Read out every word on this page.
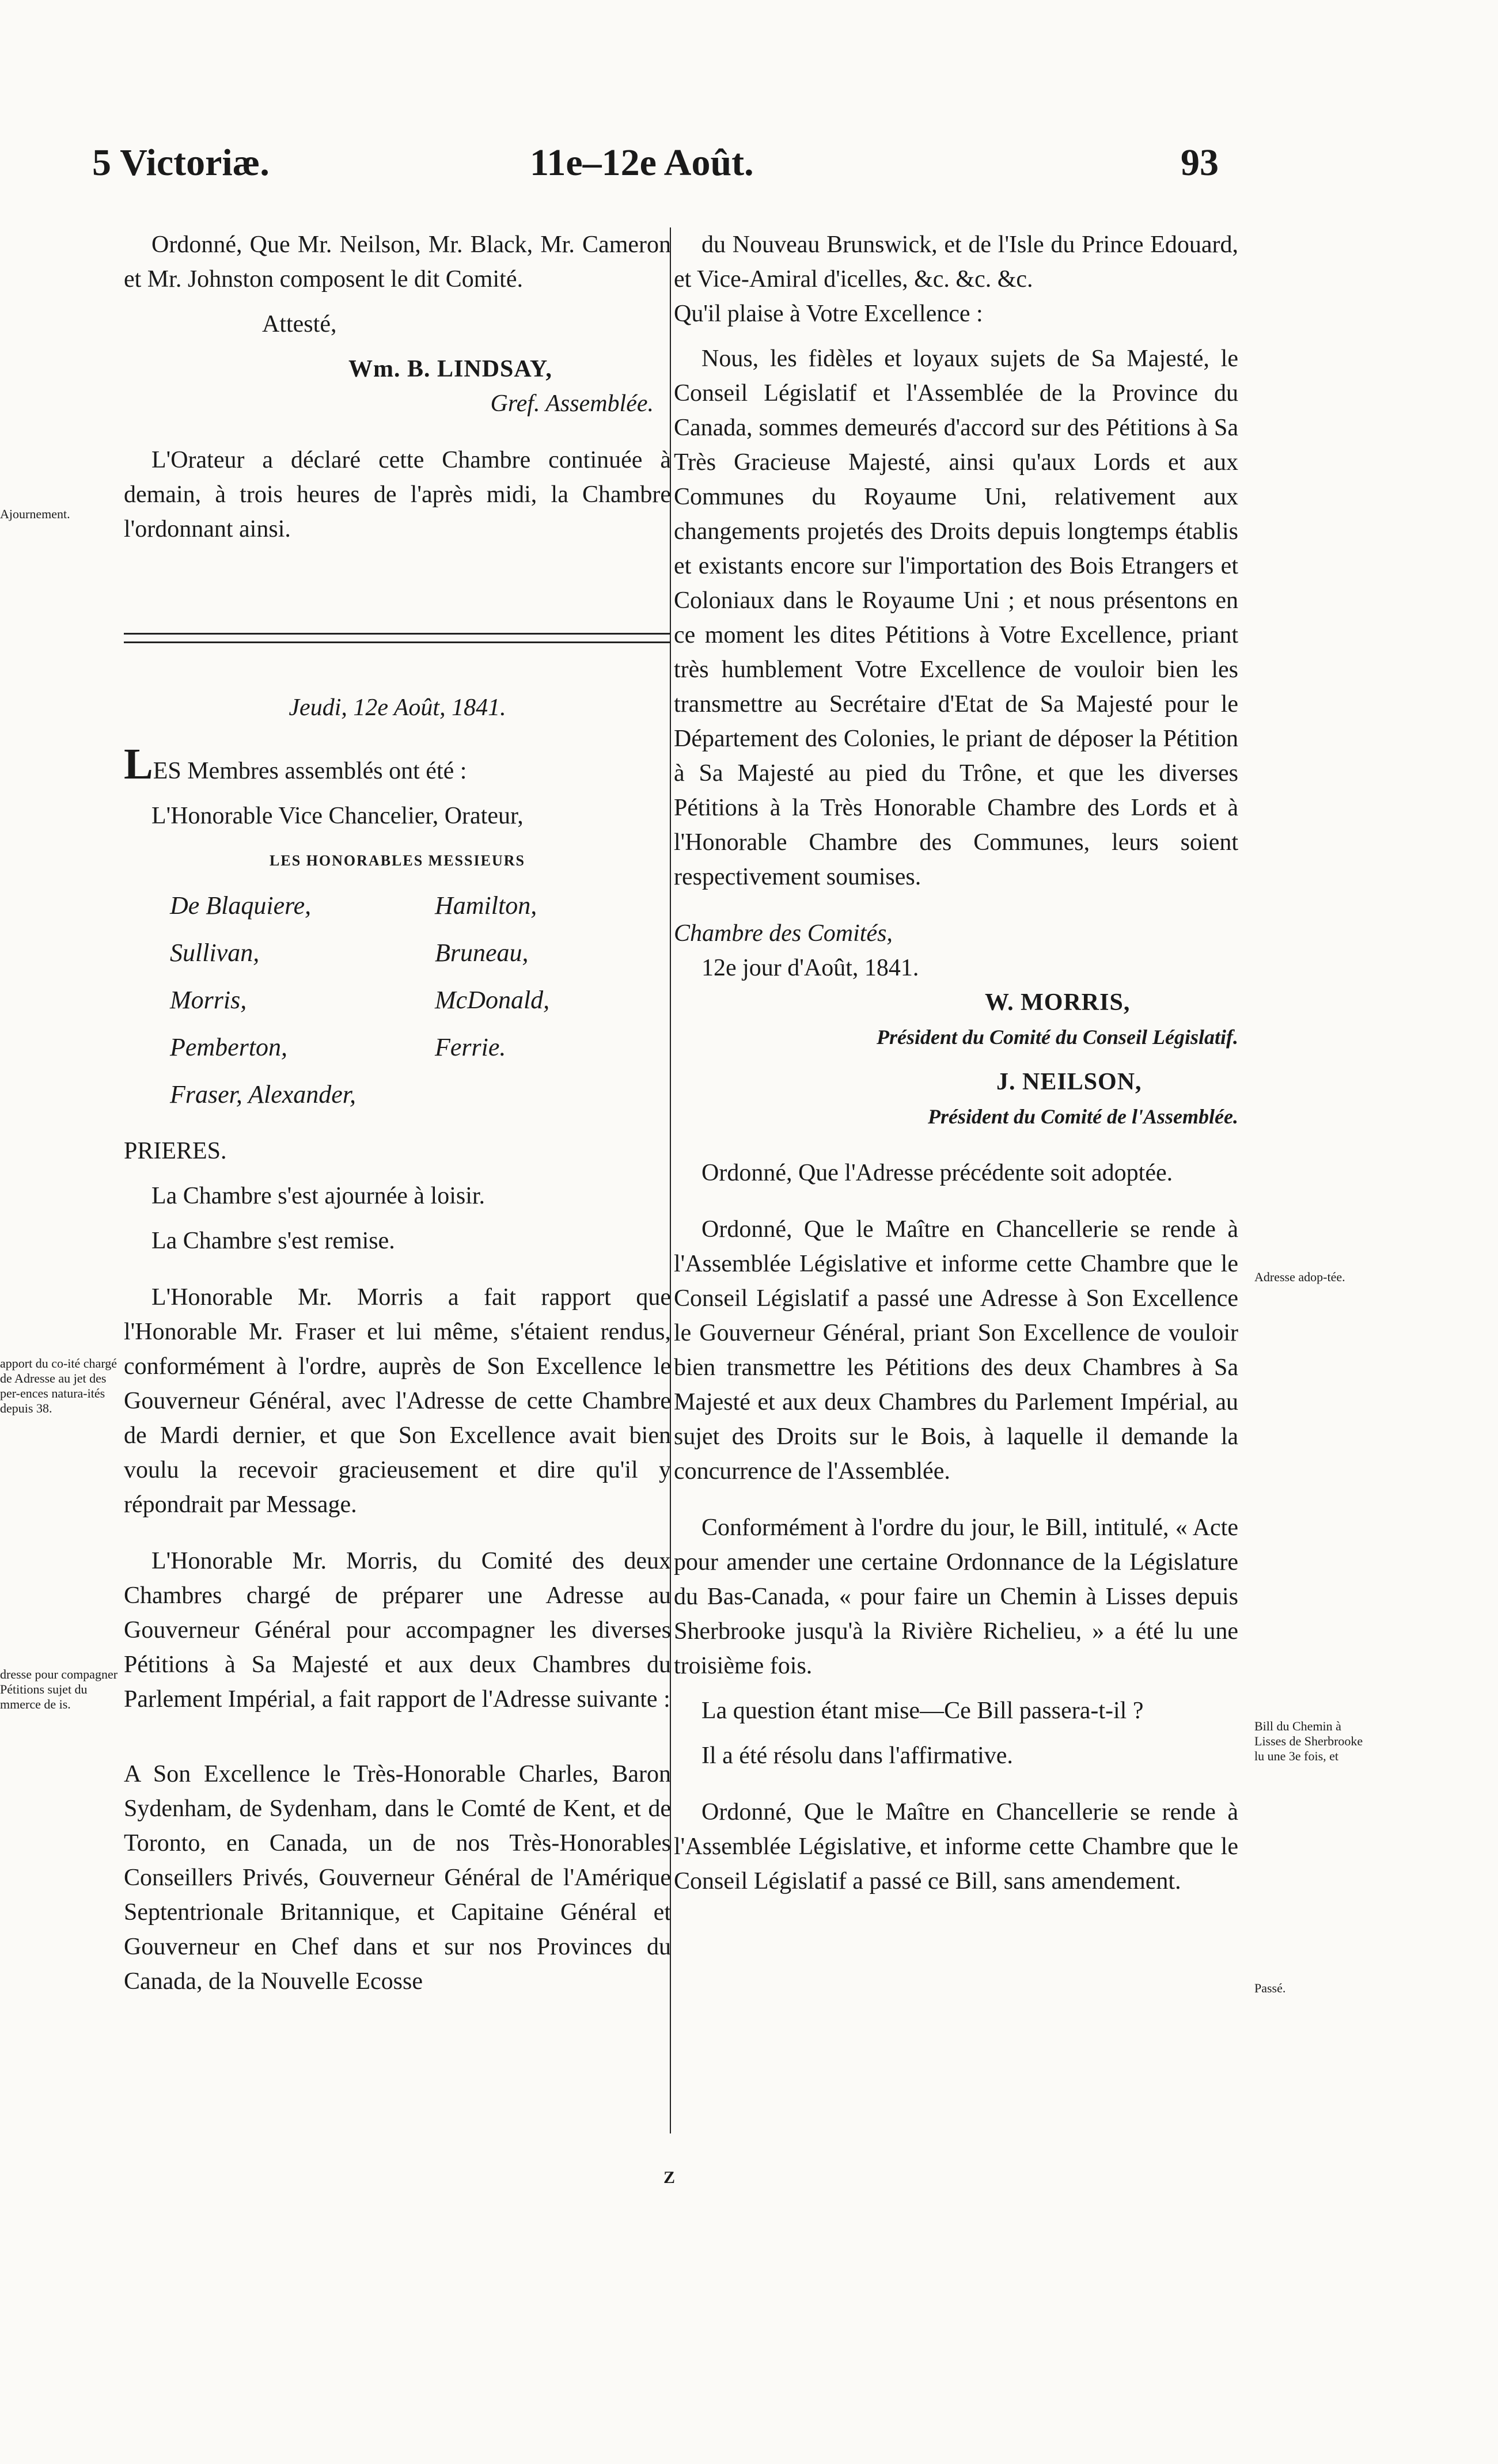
5 Victoriæ.	11e–12e Août.	93

Ordonné, Que Mr. Neilson, Mr. Black, Mr. Cameron et Mr. Johnston composent le dit Comité.

Attesté,

Wm. B. LINDSAY,

Gref. Assemblée.

L'Orateur a déclaré cette Chambre continuée à demain, à trois heures de l'après midi, la Chambre l'ordonnant ainsi.

Jeudi, 12e Août, 1841.

LES Membres assemblés ont été :

L'Honorable Vice Chancelier, Orateur,

LES HONORABLES MESSIEURS

De Blaquiere,	Hamilton,
Sullivan,	Bruneau,
Morris,	McDonald,
Pemberton,	Ferrie.
Fraser, Alexander,

PRIERES.

La Chambre s'est ajournée à loisir.

La Chambre s'est remise.

L'Honorable Mr. Morris a fait rapport que l'Honorable Mr. Fraser et lui même, s'étaient rendus, conformément à l'ordre, auprès de Son Excellence le Gouverneur Général, avec l'Adresse de cette Chambre de Mardi dernier, et que Son Excellence avait bien voulu la recevoir gracieusement et dire qu'il y répondrait par Message.

L'Honorable Mr. Morris, du Comité des deux Chambres chargé de préparer une Adresse au Gouverneur Général pour accompagner les diverses Pétitions à Sa Majesté et aux deux Chambres du Parlement Impérial, a fait rapport de l'Adresse suivante :

A Son Excellence le Très-Honorable Charles, Baron Sydenham, de Sydenham, dans le Comté de Kent, et de Toronto, en Canada, un de nos Très-Honorables Conseillers Privés, Gouverneur Général de l'Amérique Septentrionale Britannique, et Capitaine Général et Gouverneur en Chef dans et sur nos Provinces du Canada, de la Nouvelle Ecosse

du Nouveau Brunswick, et de l'Isle du Prince Edouard, et Vice-Amiral d'icelles, &c. &c. &c.

Qu'il plaise à Votre Excellence :

Nous, les fidèles et loyaux sujets de Sa Majesté, le Conseil Législatif et l'Assemblée de la Province du Canada, sommes demeurés d'accord sur des Pétitions à Sa Très Gracieuse Majesté, ainsi qu'aux Lords et aux Communes du Royaume Uni, relativement aux changements projetés des Droits depuis longtemps établis et existants encore sur l'importation des Bois Etrangers et Coloniaux dans le Royaume Uni ; et nous présentons en ce moment les dites Pétitions à Votre Excellence, priant très humblement Votre Excellence de vouloir bien les transmettre au Secrétaire d'Etat de Sa Majesté pour le Département des Colonies, le priant de déposer la Pétition à Sa Majesté au pied du Trône, et que les diverses Pétitions à la Très Honorable Chambre des Lords et à l'Honorable Chambre des Communes, leurs soient respectivement soumises.

Chambre des Comités,

12e jour d'Août, 1841.

W. MORRIS,

Président du Comité du Conseil Législatif.

J. NEILSON,

Président du Comité de l'Assemblée.

Ordonné, Que l'Adresse précédente soit adoptée.

Ordonné, Que le Maître en Chancellerie se rende à l'Assemblée Législative et informe cette Chambre que le Conseil Législatif a passé une Adresse à Son Excellence le Gouverneur Général, priant Son Excellence de vouloir bien transmettre les Pétitions des deux Chambres à Sa Majesté et aux deux Chambres du Parlement Impérial, au sujet des Droits sur le Bois, à laquelle il demande la concurrence de l'Assemblée.

Conformément à l'ordre du jour, le Bill, intitulé, « Acte pour amender une certaine Ordonnance de la Législature du Bas-Canada, « pour faire un Chemin à Lisses depuis Sherbrooke jusqu'à la Rivière Richelieu, » a été lu une troisième fois.

La question étant mise—Ce Bill passera-t-il ?

Il a été résolu dans l'affirmative.

Ordonné, Que le Maître en Chancellerie se rende à l'Assemblée Législative, et informe cette Chambre que le Conseil Législatif a passé ce Bill, sans amendement.

Ajournement.
apport du co-ité chargé de Adresse au jet des per-ences natura-ités depuis 38.
dresse pour compagner Pétitions sujet du mmerce de is.
Adresse adop-tée.
Bill du Chemin à Lisses de Sherbrooke lu une 3e fois, et
Passé.
Z
